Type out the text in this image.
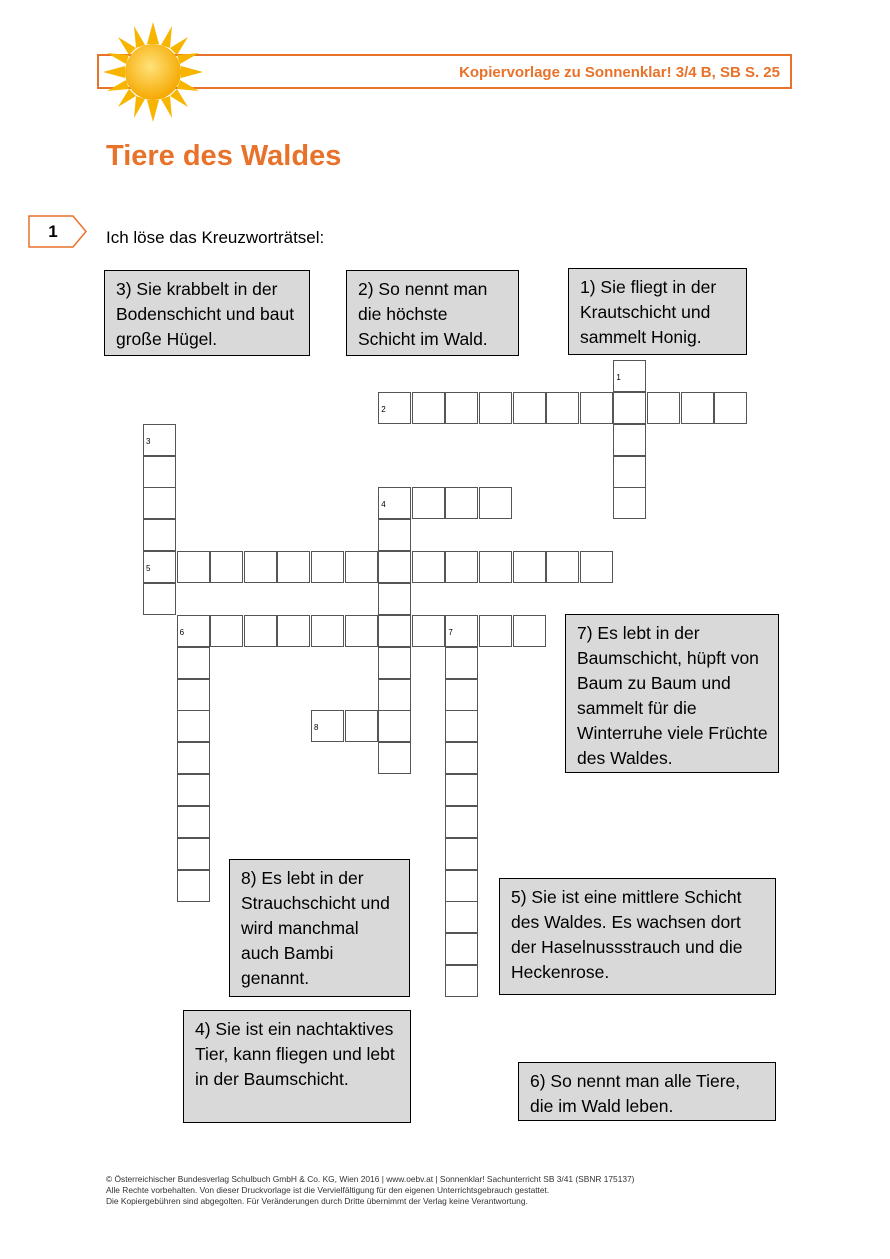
Kopiervorlage zu Sonnenklar! 3/4 B, SB S. 25
Tiere des Waldes
1	Ich löse das Kreuzworträtsel:
3) Sie krabbelt in der Bodenschicht und baut große Hügel.
2) So nennt man die höchste Schicht im Wald.
1) Sie fliegt in der Krautschicht und sammelt Honig.
7) Es lebt in der Baumschicht, hüpft von Baum zu Baum und sammelt für die Winterruhe viele Früchte des Waldes.
8) Es lebt in der Strauchschicht und wird manchmal auch Bambi genannt.
5) Sie ist eine mittlere Schicht des Waldes. Es wachsen dort der Haselnussstrauch und die Heckenrose.
4) Sie ist ein nachtaktives Tier, kann fliegen und lebt in der Baumschicht.	6) So nennt man alle Tiere, die im Wald leben.
1
2
3
5
4
6	7
8
© Österreichischer Bundesverlag Schulbuch GmbH & Co. KG, Wien 2016 | www.oebv.at | Sonnenklar! Sachunterricht SB 3/41 (SBNR 175137)
Alle Rechte vorbehalten. Von dieser Druckvorlage ist die Vervielfältigung für den eigenen Unterrichtsgebrauch gestattet.
Die Kopiergebühren sind abgegolten. Für Veränderungen durch Dritte übernimmt der Verlag keine Verantwortung.
